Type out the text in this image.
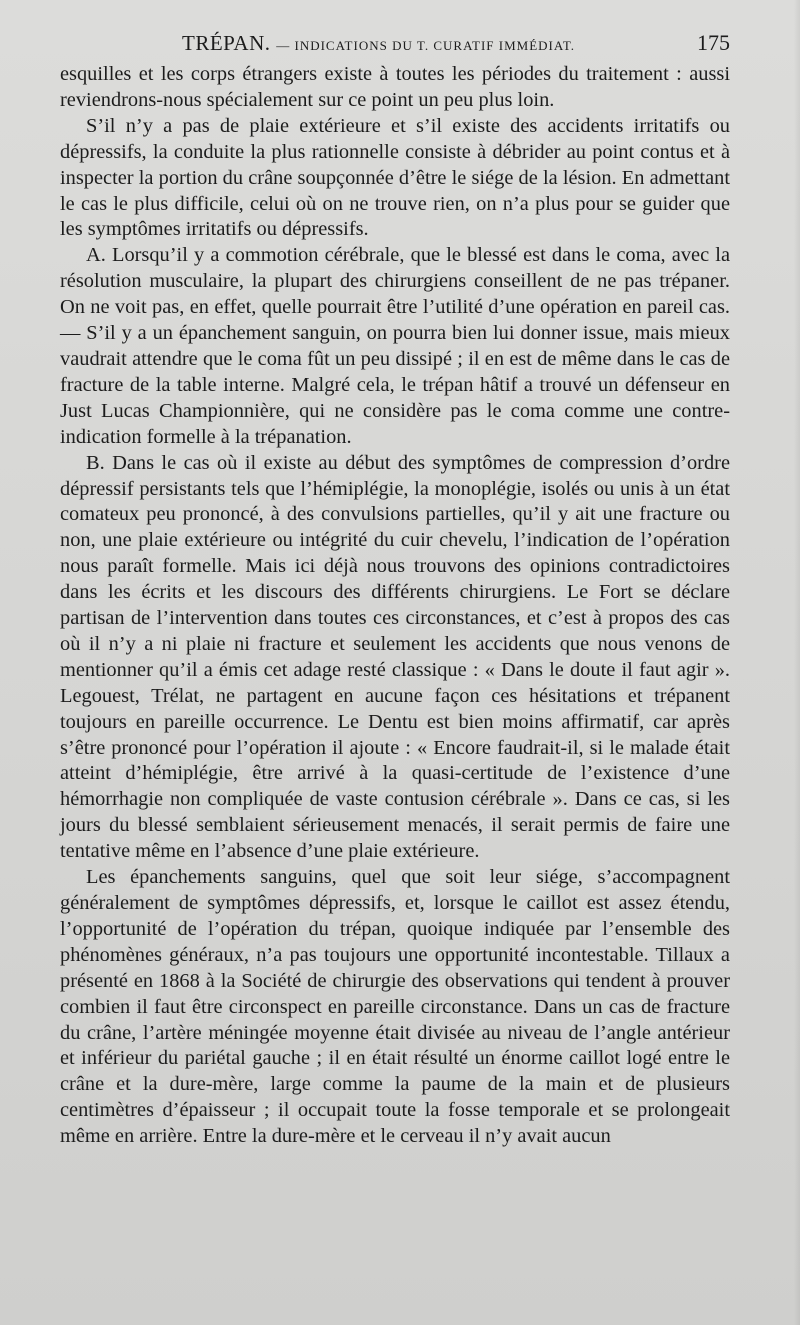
TRÉPAN. — INDICATIONS DU T. CURATIF IMMÉDIAT.	175

esquilles et les corps étrangers existe à toutes les périodes du traitement : aussi reviendrons-nous spécialement sur ce point un peu plus loin.

S’il n’y a pas de plaie extérieure et s’il existe des accidents irritatifs ou dépressifs, la conduite la plus rationnelle consiste à débrider au point contus et à inspecter la portion du crâne soupçonnée d’être le siége de la lésion. En admettant le cas le plus difficile, celui où on ne trouve rien, on n’a plus pour se guider que les symptômes irritatifs ou dépressifs.

A. Lorsqu’il y a commotion cérébrale, que le blessé est dans le coma, avec la résolution musculaire, la plupart des chirurgiens conseillent de ne pas trépaner. On ne voit pas, en effet, quelle pourrait être l’utilité d’une opération en pareil cas. — S’il y a un épanchement sanguin, on pourra bien lui donner issue, mais mieux vaudrait attendre que le coma fût un peu dissipé ; il en est de même dans le cas de fracture de la table interne. Malgré cela, le trépan hâtif a trouvé un défenseur en Just Lucas Championnière, qui ne considère pas le coma comme une contre-indication formelle à la trépanation.

B. Dans le cas où il existe au début des symptômes de compression d’ordre dépressif persistants tels que l’hémiplégie, la monoplégie, isolés ou unis à un état comateux peu prononcé, à des convulsions partielles, qu’il y ait une fracture ou non, une plaie extérieure ou intégrité du cuir chevelu, l’indication de l’opération nous paraît formelle. Mais ici déjà nous trouvons des opinions contradictoires dans les écrits et les discours des différents chirurgiens. Le Fort se déclare partisan de l’intervention dans toutes ces circonstances, et c’est à propos des cas où il n’y a ni plaie ni fracture et seulement les accidents que nous venons de mentionner qu’il a émis cet adage resté classique : « Dans le doute il faut agir ». Legouest, Trélat, ne partagent en aucune façon ces hésitations et trépanent toujours en pareille occurrence. Le Dentu est bien moins affirmatif, car après s’être prononcé pour l’opération il ajoute : « Encore faudrait-il, si le malade était atteint d’hémiplégie, être arrivé à la quasi-certitude de l’existence d’une hémorrhagie non compliquée de vaste contusion cérébrale ». Dans ce cas, si les jours du blessé semblaient sérieusement menacés, il serait permis de faire une tentative même en l’absence d’une plaie extérieure.

Les épanchements sanguins, quel que soit leur siége, s’accompagnent généralement de symptômes dépressifs, et, lorsque le caillot est assez étendu, l’opportunité de l’opération du trépan, quoique indiquée par l’ensemble des phénomènes généraux, n’a pas toujours une opportunité incontestable. Tillaux a présenté en 1868 à la Société de chirurgie des observations qui tendent à prouver combien il faut être circonspect en pareille circonstance. Dans un cas de fracture du crâne, l’artère méningée moyenne était divisée au niveau de l’angle antérieur et inférieur du pariétal gauche ; il en était résulté un énorme caillot logé entre le crâne et la dure-mère, large comme la paume de la main et de plusieurs centimètres d’épaisseur ; il occupait toute la fosse temporale et se prolongeait même en arrière. Entre la dure-mère et le cerveau il n’y avait aucun
